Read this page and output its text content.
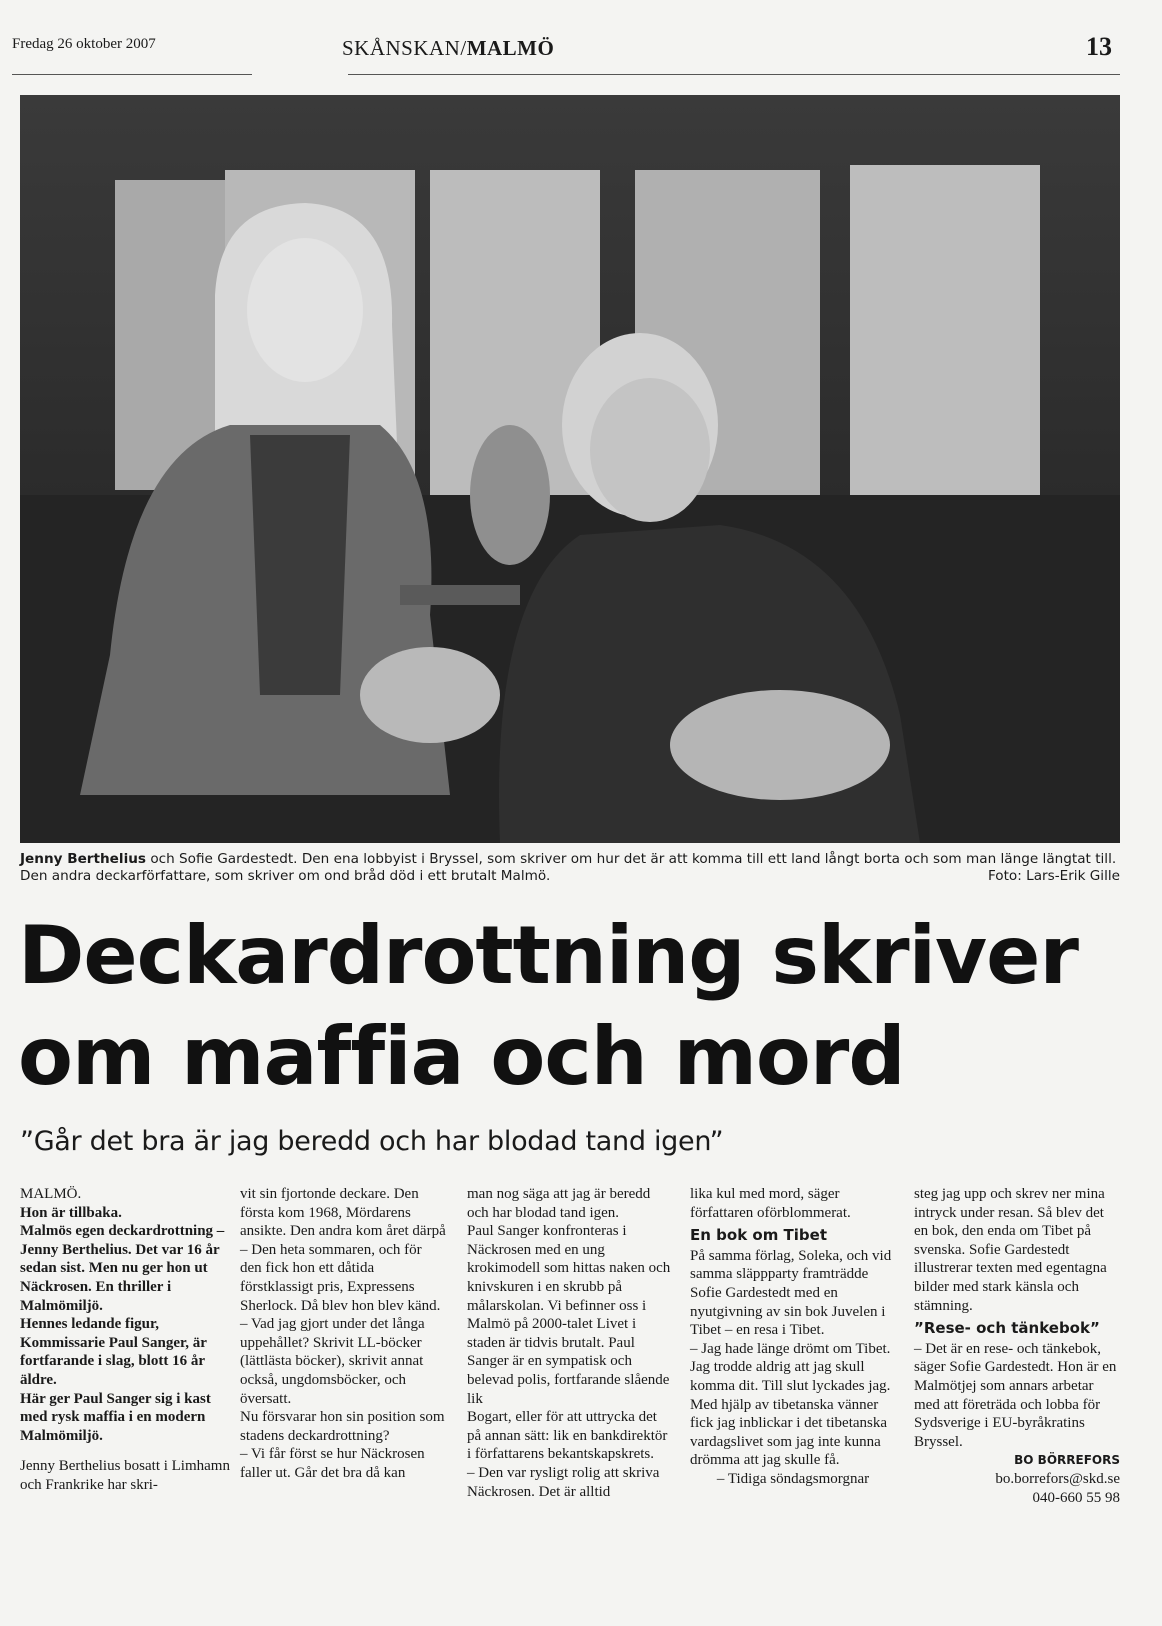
Fredag 26 oktober 2007	SKÅNSKAN/MALMÖ	13
Jenny Berthelius och Sofie Gardestedt. Den ena lobbyist i Bryssel, som skriver om hur det är att komma till ett land långt borta och som man länge längtat till. Den andra deckarförfattare, som skriver om ond bråd död i ett brutalt Malmö.	Foto: Lars-Erik Gille
Deckardrottning skriver
om maffia och mord
”Går det bra är jag beredd och har blodad tand igen”

MALMÖ.

Hon är tillbaka.

Malmös egen deckardrottning – Jenny Berthelius. Det var 16 år sedan sist. Men nu ger hon ut Näckrosen. En thriller i Malmömiljö.

Hennes ledande figur, Kommissarie Paul Sanger, är fortfarande i slag, blott 16 år äldre.

Här ger Paul Sanger sig i kast med rysk maffia i en modern Malmömiljö.

Jenny Berthelius bosatt i Limhamn och Frankrike har skri-

vit sin fjortonde deckare. Den första kom 1968, Mördarens ansikte. Den andra kom året därpå – Den heta sommaren, och för den fick hon ett dåtida förstklassigt pris, Expressens Sherlock. Då blev hon blev känd.

– Vad jag gjort under det långa uppehållet? Skrivit LL-böcker (lättlästa böcker), skrivit annat också, ungdomsböcker, och översatt.

Nu försvarar hon sin position som stadens deckardrottning?

– Vi får först se hur Näckrosen faller ut. Går det bra då kan

man nog säga att jag är beredd och har blodad tand igen.

Paul Sanger konfronteras i Näckrosen med en ung krokimodell som hittas naken och knivskuren i en skrubb på målarskolan. Vi befinner oss i Malmö på 2000-talet Livet i staden är tidvis brutalt. Paul Sanger är en sympatisk och belevad polis, fortfarande slående lik

Bogart, eller för att uttrycka det på annan sätt: lik en bankdirektör i författarens bekantskapskrets.

– Den var rysligt rolig att skriva Näckrosen. Det är alltid

lika kul med mord, säger författaren oförblommerat.

En bok om Tibet

På samma förlag, Soleka, och vid samma släppparty framträdde Sofie Gardestedt med en nyutgivning av sin bok Juvelen i Tibet – en resa i Tibet.

– Jag hade länge drömt om Tibet. Jag trodde aldrig att jag skull komma dit. Till slut lyckades jag. Med hjälp av tibetanska vänner fick jag inblickar i det tibetanska vardagslivet som jag inte kunna drömma att jag skulle få.

– Tidiga söndagsmorgnar

steg jag upp och skrev ner mina intryck under resan. Så blev det en bok, den enda om Tibet på svenska. Sofie Gardestedt illustrerar texten med egentagna bilder med stark känsla och stämning.

”Rese- och tänkebok”

– Det är en rese- och tänkebok, säger Sofie Gardestedt. Hon är en Malmötjej som annars arbetar med att företräda och lobba för Sydsverige i EU-byråkratins Bryssel.

BO BÖRREFORS

bo.borrefors@skd.se

040-660 55 98
